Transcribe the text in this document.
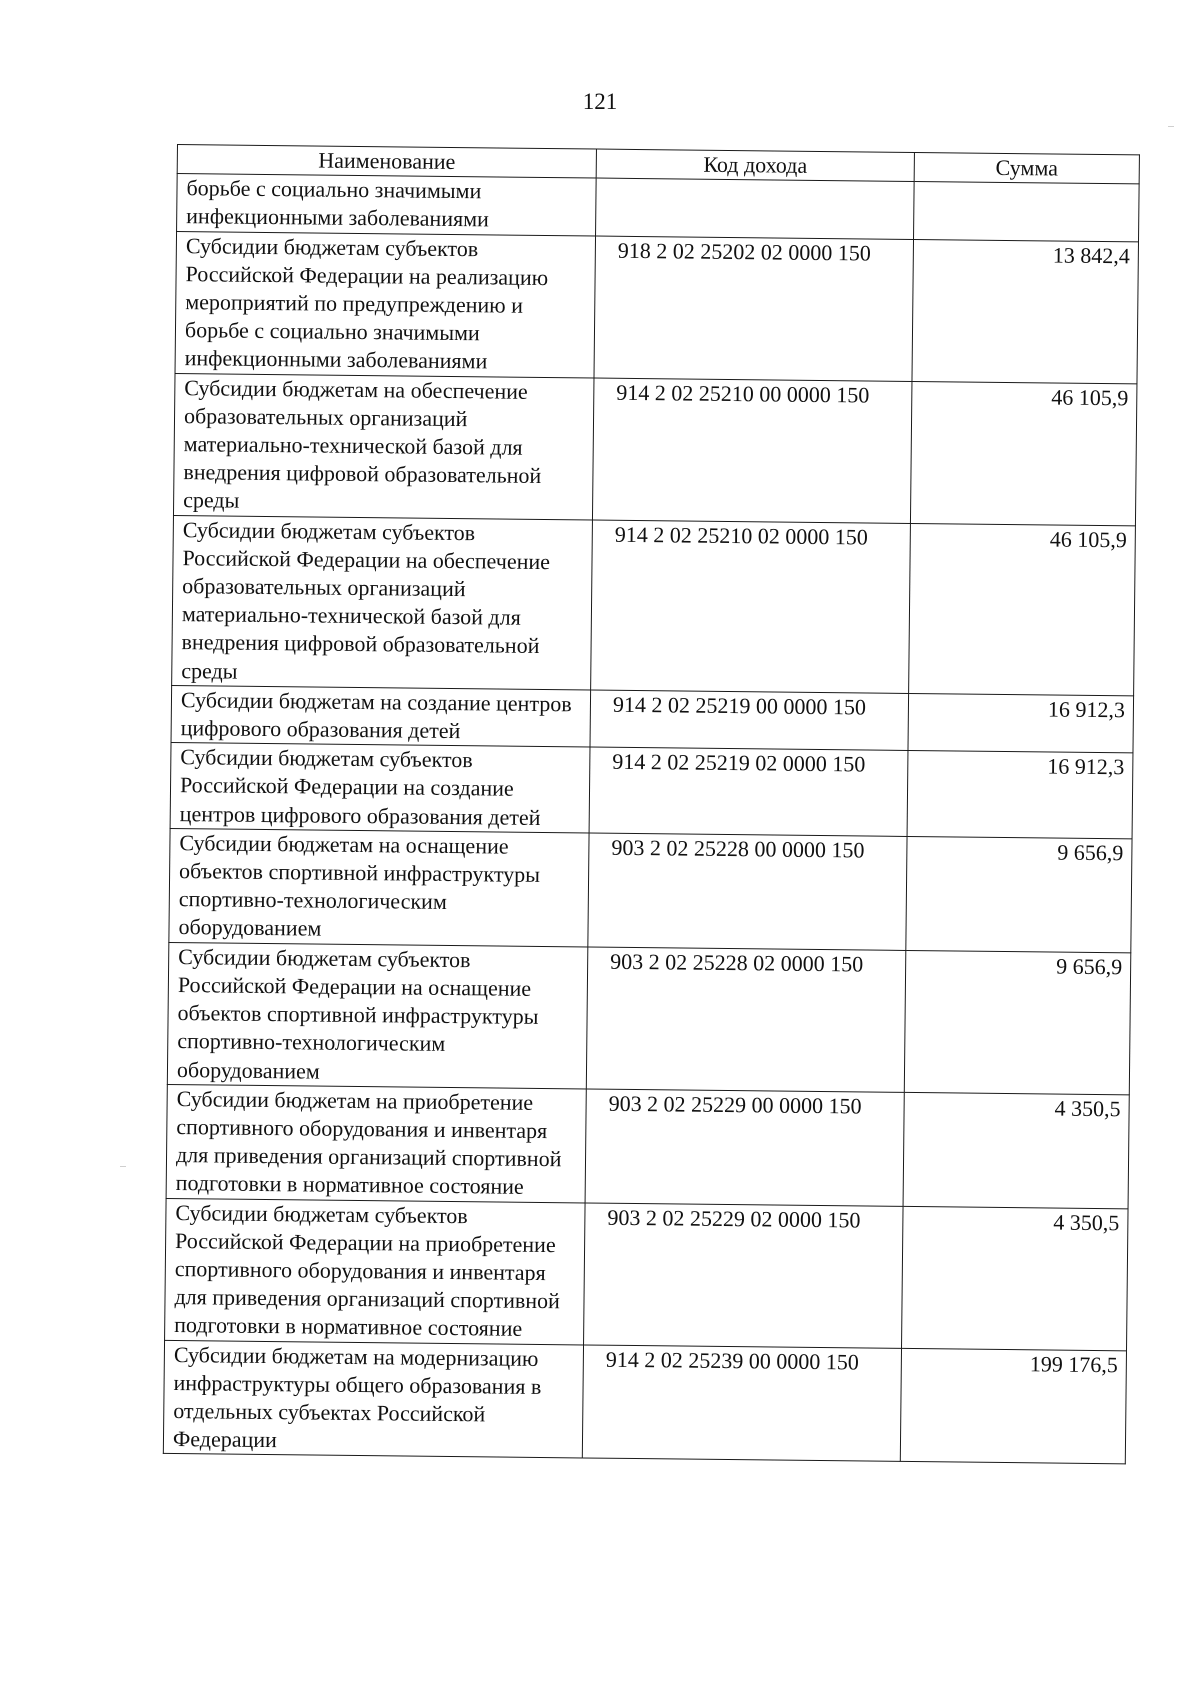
121
Наименование	Код дохода	Сумма
борьбе с социально значимыми инфекционными заболеваниями		
Субсидии бюджетам субъектов Российской Федерации на реализацию мероприятий по предупреждению и борьбе с социально значимыми инфекционными заболеваниями	918 2 02 25202 02 0000 150	13 842,4
Субсидии бюджетам на обеспечение образовательных организаций материально-технической базой для внедрения цифровой образовательной среды	914 2 02 25210 00 0000 150	46 105,9
Субсидии бюджетам субъектов Российской Федерации на обеспечение образовательных организаций материально-технической базой для внедрения цифровой образовательной среды	914 2 02 25210 02 0000 150	46 105,9
Субсидии бюджетам на создание центров цифрового образования детей	914 2 02 25219 00 0000 150	16 912,3
Субсидии бюджетам субъектов Российской Федерации на создание центров цифрового образования детей	914 2 02 25219 02 0000 150	16 912,3
Субсидии бюджетам на оснащение объектов спортивной инфраструктуры спортивно-технологическим оборудованием	903 2 02 25228 00 0000 150	9 656,9
Субсидии бюджетам субъектов Российской Федерации на оснащение объектов спортивной инфраструктуры спортивно-технологическим оборудованием	903 2 02 25228 02 0000 150	9 656,9
Субсидии бюджетам на приобретение спортивного оборудования и инвентаря для приведения организаций спортивной подготовки в нормативное состояние	903 2 02 25229 00 0000 150	4 350,5
Субсидии бюджетам субъектов Российской Федерации на приобретение спортивного оборудования и инвентаря для приведения организаций спортивной подготовки в нормативное состояние	903 2 02 25229 02 0000 150	4 350,5
Субсидии бюджетам на модернизацию инфраструктуры общего образования в отдельных субъектах Российской Федерации	914 2 02 25239 00 0000 150	199 176,5
